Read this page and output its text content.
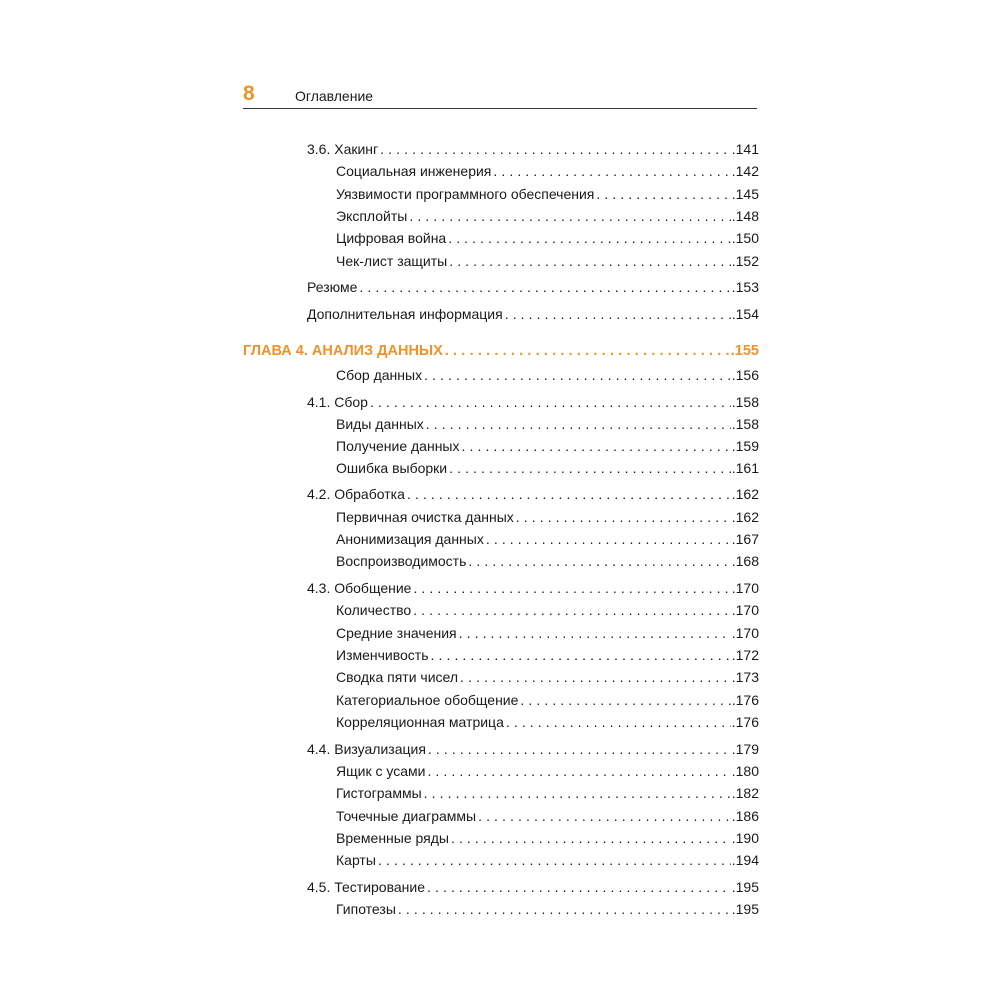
8	Оглавление
3.6. Хакинг . . .	.141
Социальная инженерия . . .	.142
Уязвимости программного обеспечения . . .	.145
Эксплойты . . .	.148
Цифровая война . . .	.150
Чек-лист защиты . . .	.152
Резюме . . .	.153
Дополнительная информация . . .	.154
ГЛАВА 4. АНАЛИЗ ДАННЫХ . . .	.155
Сбор данных . . .	.156
4.1. Сбор . . .	.158
Виды данных . . .	.158
Получение данных . . .	.159
Ошибка выборки . . .	.161
4.2. Обработка . . .	.162
Первичная очистка данных . . .	.162
Анонимизация данных . . .	.167
Воспроизводимость . . .	.168
4.3. Обобщение . . .	.170
Количество . . .	.170
Средние значения . . .	.170
Изменчивость . . .	.172
Сводка пяти чисел . . .	.173
Категориальное обобщение . . .	.176
Корреляционная матрица . . .	.176
4.4. Визуализация . . .	.179
Ящик с усами . . .	.180
Гистограммы . . .	.182
Точечные диаграммы . . .	.186
Временные ряды . . .	.190
Карты . . .	.194
4.5. Тестирование . . .	.195
Гипотезы . . .	.195
